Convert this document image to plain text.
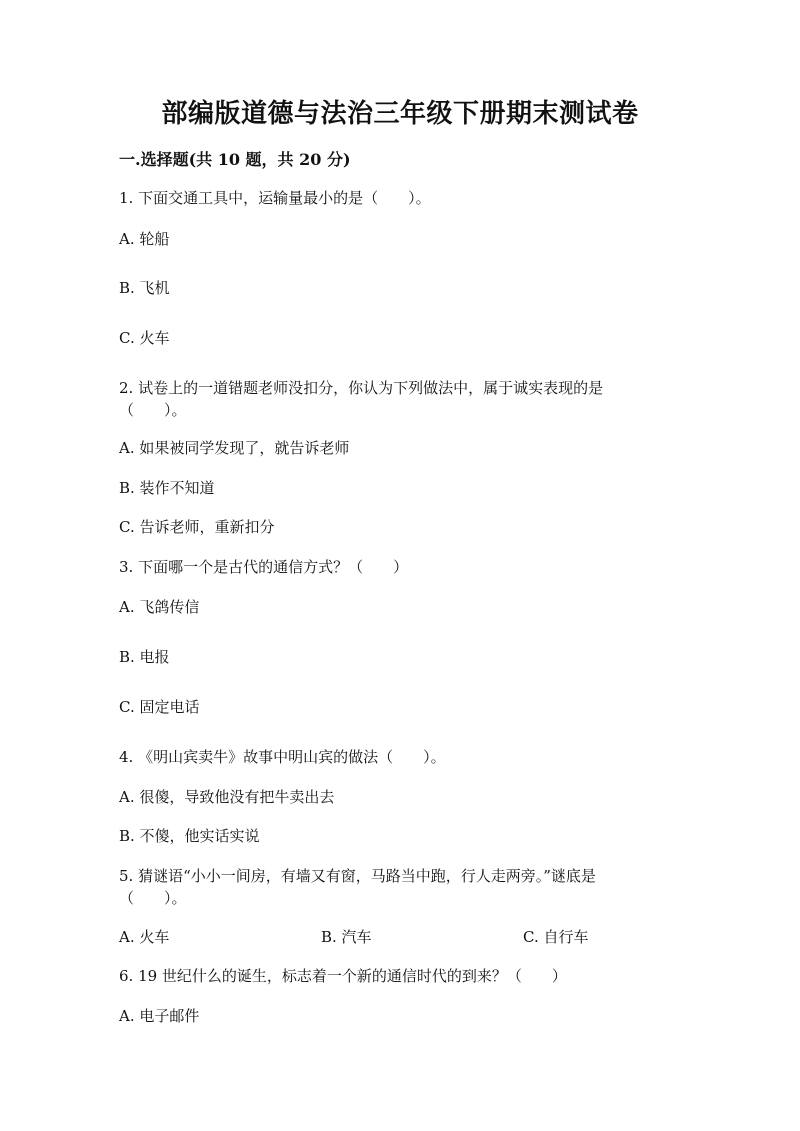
部编版道德与法治三年级下册期末测试卷
一.选择题(共 10 题，共 20 分)
1. 下面交通工具中，运输量最小的是（　　）。
A. 轮船
B. 飞机
C. 火车
2. 试卷上的一道错题老师没扣分，你认为下列做法中，属于诚实表现的是
（　　）。
A. 如果被同学发现了，就告诉老师
B. 装作不知道
C. 告诉老师，重新扣分
3. 下面哪一个是古代的通信方式？（　　）
A. 飞鸽传信
B. 电报
C. 固定电话
4. 《明山宾卖牛》故事中明山宾的做法（　　）。
A. 很傻，导致他没有把牛卖出去
B. 不傻，他实话实说
5. 猜谜语“小小一间房，有墙又有窗，马路当中跑，行人走两旁。”谜底是
（　　）。
A. 火车	B. 汽车	C. 自行车
6. 19 世纪什么的诞生，标志着一个新的通信时代的到来？（　　）
A. 电子邮件
